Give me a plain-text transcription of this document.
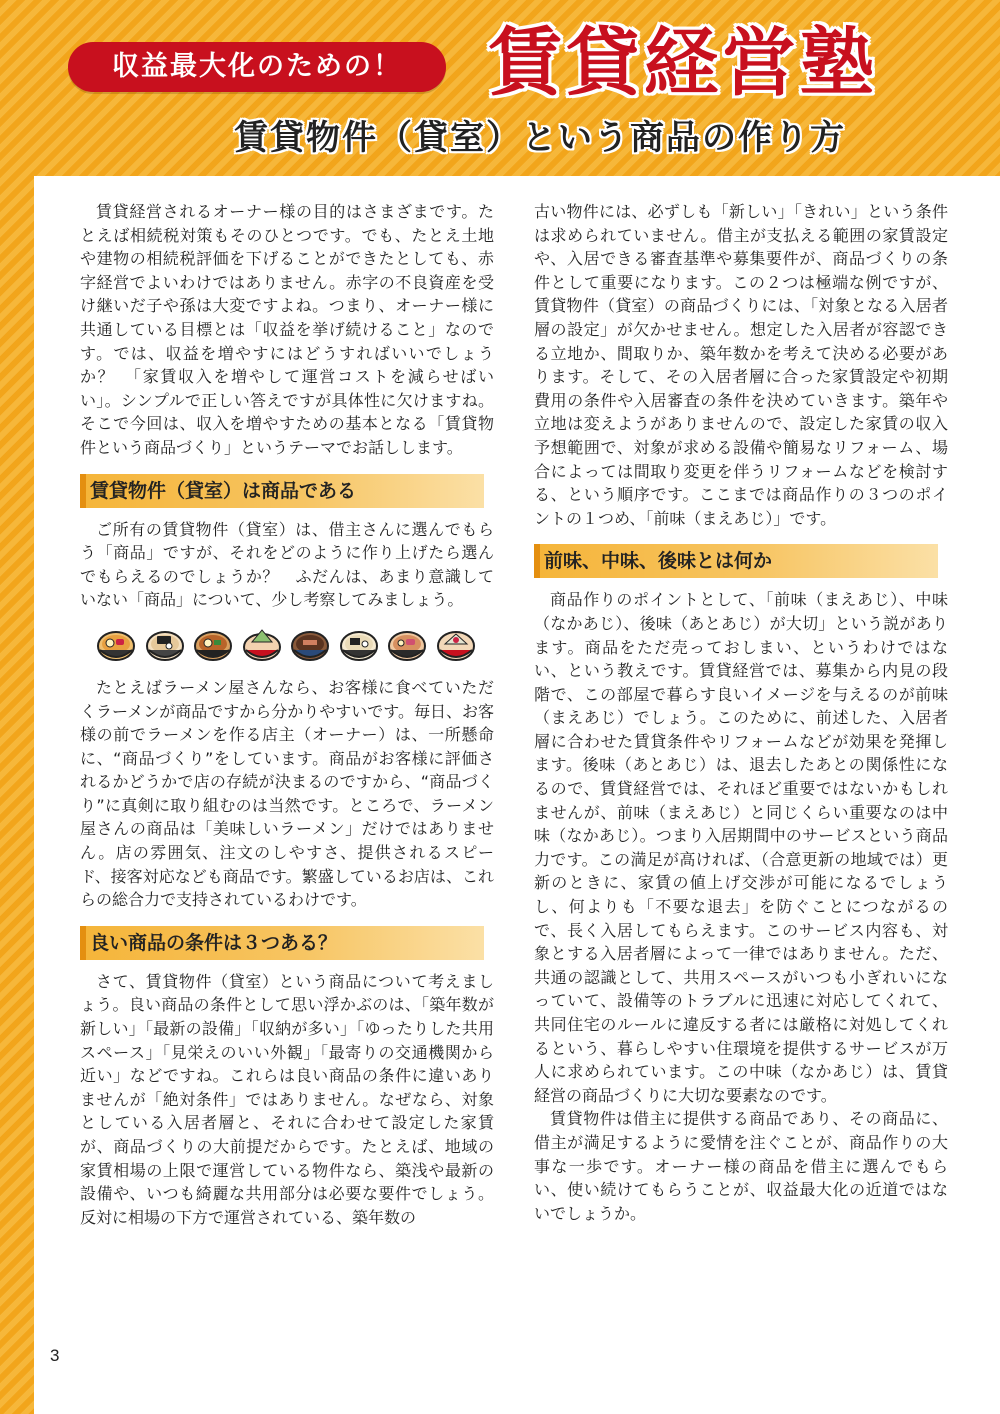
収益最大化のための！	賃貸経営塾
賃貸物件（貸室）という商品の作り方

賃貸経営されるオーナー様の目的はさまざまです。たとえば相続税対策もそのひとつです。でも、たとえ土地や建物の相続税評価を下げることができたとしても、赤字経営でよいわけではありません。赤字の不良資産を受け継いだ子や孫は大変ですよね。つまり、オーナー様に共通している目標とは「収益を挙げ続けること」なのです。では、収益を増やすにはどうすればいいでしょうか？　「家賃収入を増やして運営コストを減らせばいい」。シンプルで正しい答えですが具体性に欠けますね。そこで今回は、収入を増やすための基本となる「賃貸物件という商品づくり」というテーマでお話しします。

賃貸物件（貸室）は商品である

ご所有の賃貸物件（貸室）は、借主さんに選んでもらう「商品」ですが、それをどのように作り上げたら選んでもらえるのでしょうか？　ふだんは、あまり意識していない「商品」について、少し考察してみましょう。

たとえばラーメン屋さんなら、お客様に食べていただくラーメンが商品ですから分かりやすいです。毎日、お客様の前でラーメンを作る店主（オーナー）は、一所懸命に、“商品づくり”をしています。商品がお客様に評価されるかどうかで店の存続が決まるのですから、“商品づくり”に真剣に取り組むのは当然です。ところで、ラーメン屋さんの商品は「美味しいラーメン」だけではありません。店の雰囲気、注文のしやすさ、提供されるスピード、接客対応なども商品です。繁盛しているお店は、これらの総合力で支持されているわけです。

良い商品の条件は３つある？

さて、賃貸物件（貸室）という商品について考えましょう。良い商品の条件として思い浮かぶのは、「築年数が新しい」「最新の設備」「収納が多い」「ゆったりした共用スペース」「見栄えのいい外観」「最寄りの交通機関から近い」などですね。これらは良い商品の条件に違いありませんが「絶対条件」ではありません。なぜなら、対象としている入居者層と、それに合わせて設定した家賃が、商品づくりの大前提だからです。たとえば、地域の家賃相場の上限で運営している物件なら、築浅や最新の設備や、いつも綺麗な共用部分は必要な要件でしょう。反対に相場の下方で運営されている、築年数の

古い物件には、必ずしも「新しい」「きれい」という条件は求められていません。借主が支払える範囲の家賃設定や、入居できる審査基準や募集要件が、商品づくりの条件として重要になります。この２つは極端な例ですが、賃貸物件（貸室）の商品づくりには、「対象となる入居者層の設定」が欠かせません。想定した入居者が容認できる立地か、間取りか、築年数かを考えて決める必要があります。そして、その入居者層に合った家賃設定や初期費用の条件や入居審査の条件を決めていきます。築年や立地は変えようがありませんので、設定した家賃の収入予想範囲で、対象が求める設備や簡易なリフォーム、場合によっては間取り変更を伴うリフォームなどを検討する、という順序です。ここまでは商品作りの３つのポイントの１つめ、「前味（まえあじ）」です。

前味、中味、後味とは何か

商品作りのポイントとして、「前味（まえあじ）、中味（なかあじ）、後味（あとあじ）が大切」という説があります。商品をただ売っておしまい、というわけではない、という教えです。賃貸経営では、募集から内見の段階で、この部屋で暮らす良いイメージを与えるのが前味（まえあじ）でしょう。このために、前述した、入居者層に合わせた賃貸条件やリフォームなどが効果を発揮します。後味（あとあじ）は、退去したあとの関係性になるので、賃貸経営では、それほど重要ではないかもしれませんが、前味（まえあじ）と同じくらい重要なのは中味（なかあじ）。つまり入居期間中のサービスという商品力です。この満足が高ければ、（合意更新の地域では）更新のときに、家賃の値上げ交渉が可能になるでしょうし、何よりも「不要な退去」を防ぐことにつながるので、長く入居してもらえます。このサービス内容も、対象とする入居者層によって一律ではありません。ただ、共通の認識として、共用スペースがいつも小ぎれいになっていて、設備等のトラブルに迅速に対応してくれて、共同住宅のルールに違反する者には厳格に対処してくれるという、暮らしやすい住環境を提供するサービスが万人に求められています。この中味（なかあじ）は、賃貸経営の商品づくりに大切な要素なのです。

賃貸物件は借主に提供する商品であり、その商品に、借主が満足するように愛情を注ぐことが、商品作りの大事な一歩です。オーナー様の商品を借主に選んでもらい、使い続けてもらうことが、収益最大化の近道ではないでしょうか。

3
